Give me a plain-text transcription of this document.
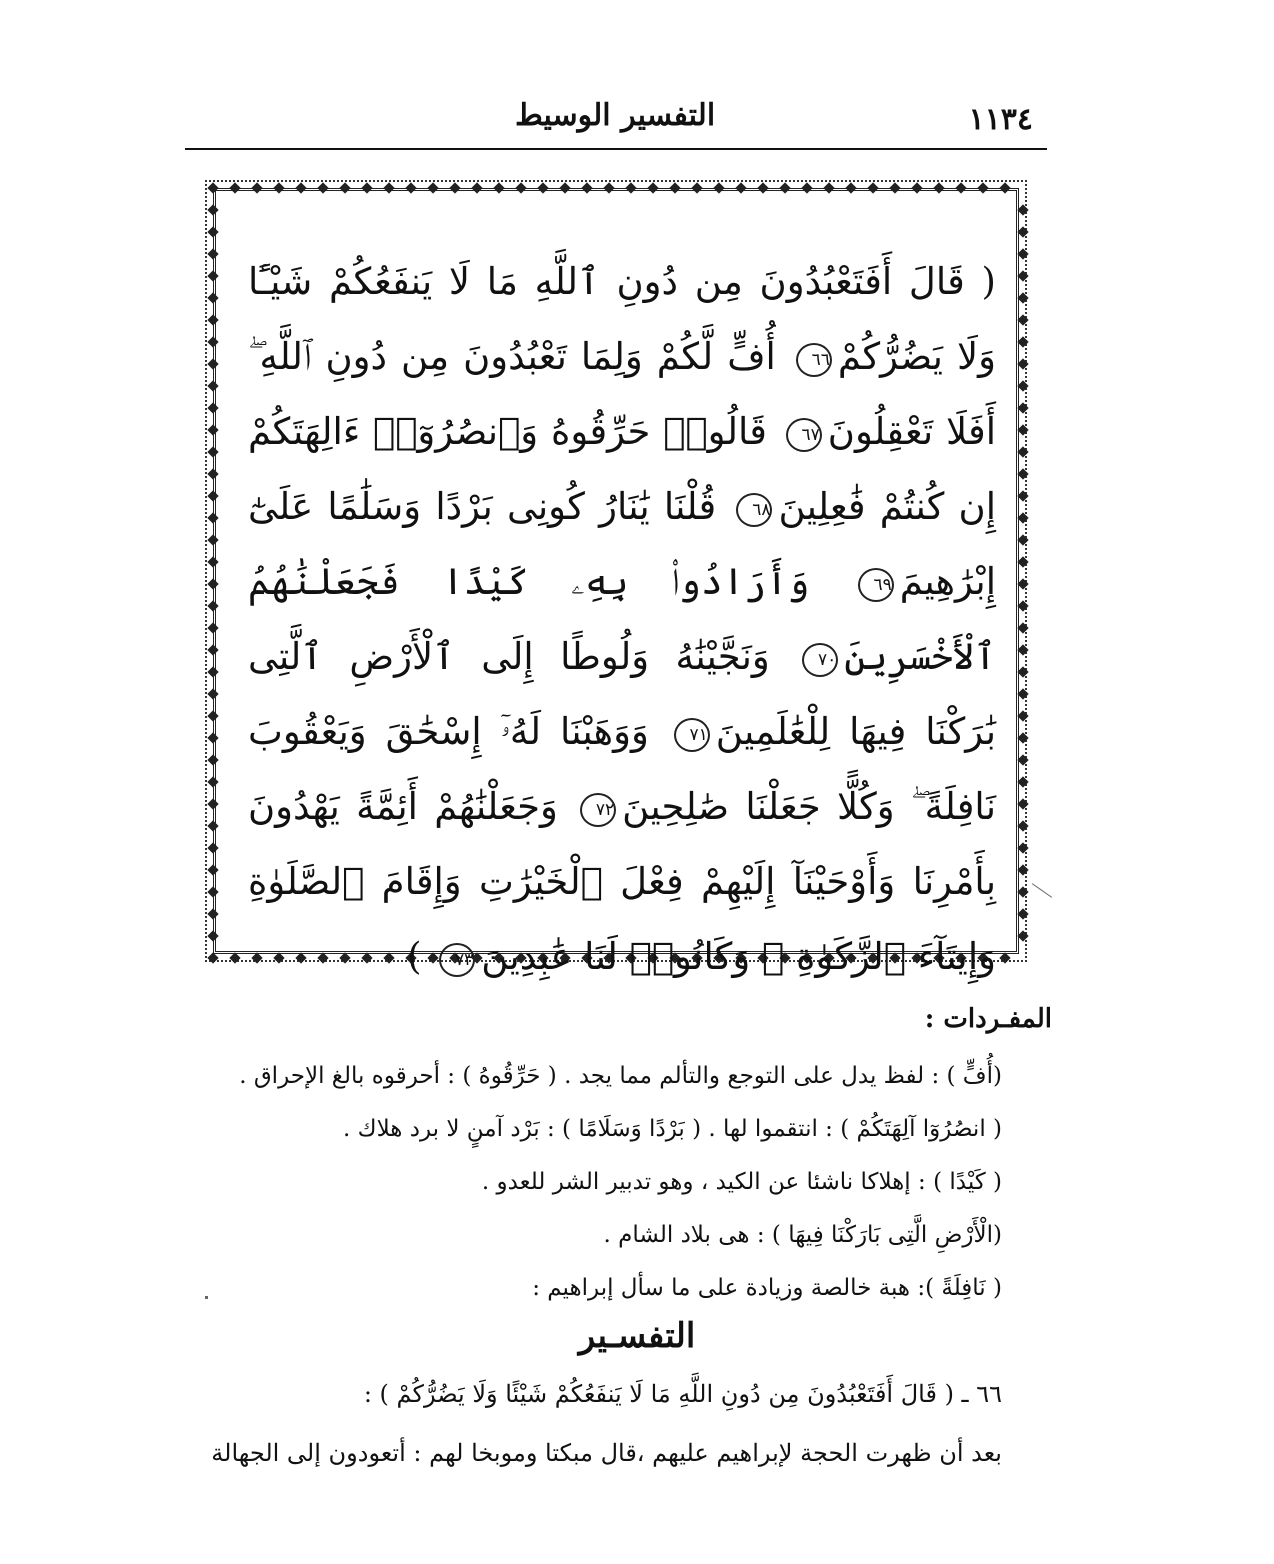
١١٣٤
التفسير الوسيط
( قَالَ أَفَتَعْبُدُونَ مِن دُونِ ٱللَّهِ مَا لَا يَنفَعُكُمْ شَيْـًٔا وَلَا يَضُرُّكُمْ٦٦ أُفٍّ لَّكُمْ وَلِمَا تَعْبُدُونَ مِن دُونِ ٱللَّهِ ۖ أَفَلَا تَعْقِلُونَ٦٧ قَالُوا۟ حَرِّقُوهُ وَٱنصُرُوٓا۟ ءَالِهَتَكُمْ إِن كُنتُمْ فَٰعِلِينَ٦٨ قُلْنَا يَٰنَارُ كُونِى بَرْدًا وَسَلَٰمًا عَلَىٰٓ إِبْرَٰهِيمَ٦٩ وَأَرَادُوا۟ بِهِۦ كَيْدًا فَجَعَلْنَٰهُمُ ٱلْأَخْسَرِينَ٧٠ وَنَجَّيْنَٰهُ وَلُوطًا إِلَى ٱلْأَرْضِ ٱلَّتِى بَٰرَكْنَا فِيهَا لِلْعَٰلَمِينَ٧١ وَوَهَبْنَا لَهُۥٓ إِسْحَٰقَ وَيَعْقُوبَ نَافِلَةً ۖ وَكُلًّا جَعَلْنَا صَٰلِحِينَ٧٢ وَجَعَلْنَٰهُمْ أَئِمَّةً يَهْدُونَ بِأَمْرِنَا وَأَوْحَيْنَآ إِلَيْهِمْ فِعْلَ ٱلْخَيْرَٰتِ وَإِقَامَ ٱلصَّلَوٰةِ وَإِيتَآءَ ٱلزَّكَوٰةِ ۖ وَكَانُوا۟ لَنَا عَٰبِدِينَ٧٣ )
المفـردات :
(أُفٍّ ) : لفظ يدل على التوجع والتألم مما يجد . ( حَرِّقُوهُ ) : أحرقوه بالغ الإحراق .
( انصُرُوٓا آلِهَتَكُمْ ) : انتقموا لها . ( بَرْدًا وَسَلَامًا ) : بَرْد آمنٍ لا برد هلاك .
( كَيْدًا ) : إهلاكا ناشئا عن الكيد ، وهو تدبير الشر للعدو .
(الْأَرْضِ الَّتِى بَارَكْنَا فِيهَا ) : هى بلاد الشام .
( نَافِلَةً ): هبة خالصة وزيادة على ما سأل إبراهيم :
التفسـير
٦٦ ـ ( قَالَ أَفَتَعْبُدُونَ مِن دُونِ اللَّهِ مَا لَا يَنفَعُكُمْ شَيْئًا وَلَا يَضُرُّكُمْ ) :
بعد أن ظهرت الحجة لإبراهيم عليهم ،قال مبكتا وموبخا لهم : أتعودون إلى الجهالة
